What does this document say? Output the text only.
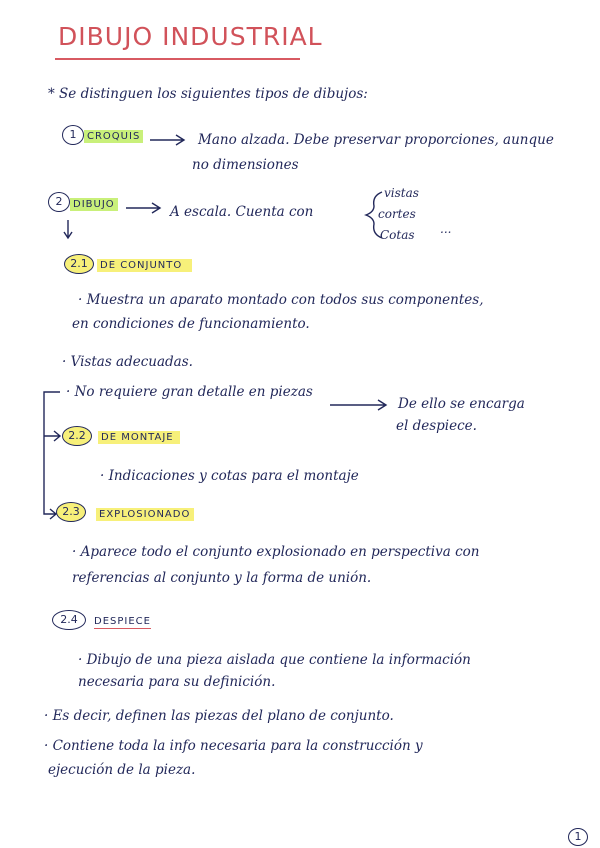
DIBUJO INDUSTRIAL
* Se distinguen los siguientes tipos de dibujos:
1	CROQUIS	Mano alzada. Debe preservar proporciones, aunque
no dimensiones
2	DIBUJO	A escala. Cuenta con
vistas
cortes
Cotas ...
2.1	DE CONJUNTO
· Muestra un aparato montado con todos sus componentes,
en condiciones de funcionamiento.
· Vistas adecuadas.
· No requiere gran detalle en piezas
De ello se encarga
el despiece.
2.2	DE MONTAJE
· Indicaciones y cotas para el montaje
2.3	EXPLOSIONADO
· Aparece todo el conjunto explosionado en perspectiva con
referencias al conjunto y la forma de unión.
2.4	DESPIECE
· Dibujo de una pieza aislada que contiene la información
necesaria para su definición.
· Es decir, definen las piezas del plano de conjunto.
· Contiene toda la info necesaria para la construcción y
ejecución de la pieza.
1
